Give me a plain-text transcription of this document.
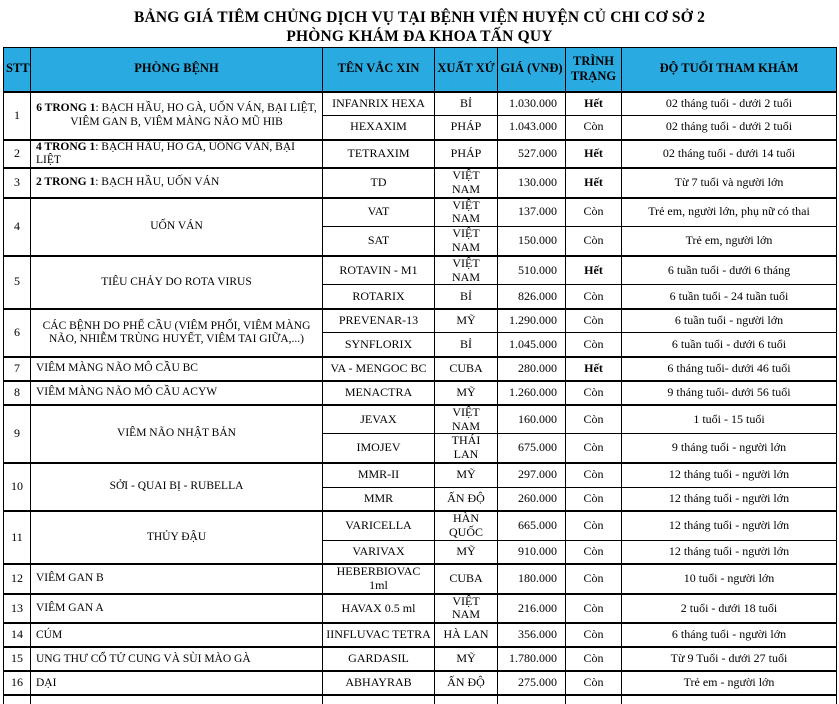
BẢNG GIÁ TIÊM CHỦNG DỊCH VỤ TẠI BỆNH VIỆN HUYỆN CỦ CHI CƠ SỞ 2
PHÒNG KHÁM ĐA KHOA TẤN QUY
STT	PHÒNG BỆNH	TÊN VẮC XIN	XUẤT XỨ	GIÁ (VNĐ)	TRÌNH TRẠNG	ĐỘ TUỔI THAM KHÁM
1	6 TRONG 1: BẠCH HẦU, HO GÀ, UỐN VÁN, BẠI LIỆT, VIÊM GAN B, VIÊM MÀNG NÃO MŨ HIB	INFANRIX HEXA	BỈ	1.030.000	Hết	02 tháng tuổi - dưới 2 tuổi
		HEXAXIM	PHÁP	1.043.000	Còn	02 tháng tuổi - dưới 2 tuổi
2	4 TRONG 1: BẠCH HẦU, HO GÀ, UỐNG VÁN, BẠI LIỆT	TETRAXIM	PHÁP	527.000	Hết	02 tháng tuổi - dưới 14 tuổi
3	2 TRONG 1: BẠCH HẦU, UỐN VÁN	TD	VIỆT NAM	130.000	Hết	Từ 7 tuổi và người lớn
4	UỐN VÁN	VAT	VIỆT NAM	137.000	Còn	Trẻ em, người lớn, phụ nữ có thai
		SAT	VIỆT NAM	150.000	Còn	Trẻ em, người lớn
5	TIÊU CHẢY DO ROTA VIRUS	ROTAVIN - M1	VIỆT NAM	510.000	Hết	6 tuần tuổi - dưới 6 tháng
		ROTARIX	BỈ	826.000	Còn	6 tuần tuổi - 24 tuần tuổi
6	CÁC BỆNH DO PHẾ CẦU (VIÊM PHỔI, VIÊM MÀNG NÃO, NHIỄM TRÙNG HUYẾT, VIÊM TAI GIỮA,...)	PREVENAR-13	MỸ	1.290.000	Còn	6 tuần tuổi - người lớn
		SYNFLORIX	BỈ	1.045.000	Còn	6 tuần tuổi - dưới 6 tuổi
7	VIÊM MÀNG NÃO MÔ CẦU BC	VA - MENGOC BC	CUBA	280.000	Hết	6 tháng tuổi- dưới 46 tuổi
8	VIÊM MÀNG NÃO MÔ CẦU ACYW	MENACTRA	MỸ	1.260.000	Còn	9 tháng tuổi- dưới 56 tuổi
9	VIÊM NÃO NHẬT BẢN	JEVAX	VIỆT NAM	160.000	Còn	1 tuổi - 15 tuổi
		IMOJEV	THÁI LAN	675.000	Còn	9 tháng tuổi - người lớn
10	SỞI - QUAI BỊ - RUBELLA	MMR-II	MỸ	297.000	Còn	12 tháng tuổi - người lớn
		MMR	ẤN ĐỘ	260.000	Còn	12 tháng tuổi - người lớn
11	THỦY ĐẬU	VARICELLA	HÀN QUỐC	665.000	Còn	12 tháng tuổi - người lớn
		VARIVAX	MỸ	910.000	Còn	12 tháng tuổi - người lớn
12	VIÊM GAN B	HEBERBIOVAC 1ml	CUBA	180.000	Còn	10 tuổi - người lớn
13	VIÊM GAN A	HAVAX 0.5 ml	VIỆT NAM	216.000	Còn	2 tuổi - dưới 18 tuổi
14	CÚM	IINFLUVAC TETRA	HÀ LAN	356.000	Còn	6 tháng tuổi - người lớn
15	UNG THƯ CỔ TỬ CUNG VÀ SÙI MÀO GÀ	GARDASIL	MỸ	1.780.000	Còn	Từ 9 Tuổi - dưới 27 tuổi
16	DẠI	ABHAYRAB	ẤN ĐỘ	275.000	Còn	Trẻ em - người lớn
